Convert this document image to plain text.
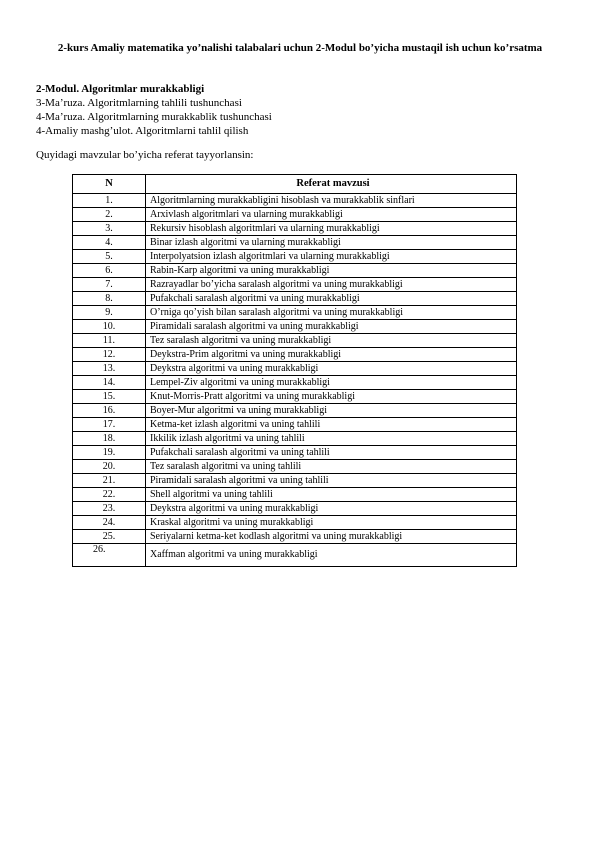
2-kurs Amaliy matematika yo’nalishi talabalari uchun 2-Modul bo’yicha mustaqil ish uchun ko’rsatma
2-Modul. Algoritmlar murakkabligi
3-Ma’ruza. Algoritmlarning tahlili tushunchasi
4-Ma’ruza. Algoritmlarning murakkablik tushunchasi
4-Amaliy mashg’ulot. Algoritmlarni tahlil qilish
Quyidagi mavzular bo’yicha referat tayyorlansin:
N	Referat mavzusi
1.	Algoritmlarning murakkabligini hisoblash va murakkablik sinflari
2.	Arxivlash algoritmlari va ularning murakkabligi
3.	Rekursiv hisoblash algoritmlari va ularning murakkabligi
4.	Binar izlash algoritmi va ularning murakkabligi
5.	Interpolyatsion izlash algoritmlari va ularning murakkabligi
6.	Rabin-Karp algoritmi va uning murakkabligi
7.	Razrayadlar bo’yicha saralash algoritmi va uning murakkabligi
8.	Pufakchali saralash algoritmi va uning murakkabligi
9.	O’rniga qo’yish bilan saralash algoritmi va uning murakkabligi
10.	Piramidali saralash algoritmi va uning murakkabligi
11.	Tez saralash algoritmi va uning murakkabligi
12.	Deykstra-Prim algoritmi va uning murakkabligi
13.	Deykstra algoritmi va uning murakkabligi
14.	Lempel-Ziv algoritmi va uning murakkabligi
15.	Knut-Morris-Pratt algoritmi va uning murakkabligi
16.	Boyer-Mur algoritmi va uning murakkabligi
17.	Ketma-ket izlash algoritmi va uning tahlili
18.	Ikkilik izlash algoritmi va uning tahlili
19.	Pufakchali saralash algoritmi va uning tahlili
20.	Tez saralash algoritmi va uning tahlili
21.	Piramidali saralash algoritmi va uning tahlili
22.	Shell algoritmi va uning tahlili
23.	Deykstra algoritmi va uning murakkabligi
24.	Kraskal algoritmi va uning murakkabligi
25.	Seriyalarni ketma-ket kodlash algoritmi va uning murakkabligi
26.	Xaffman algoritmi va uning murakkabligi
